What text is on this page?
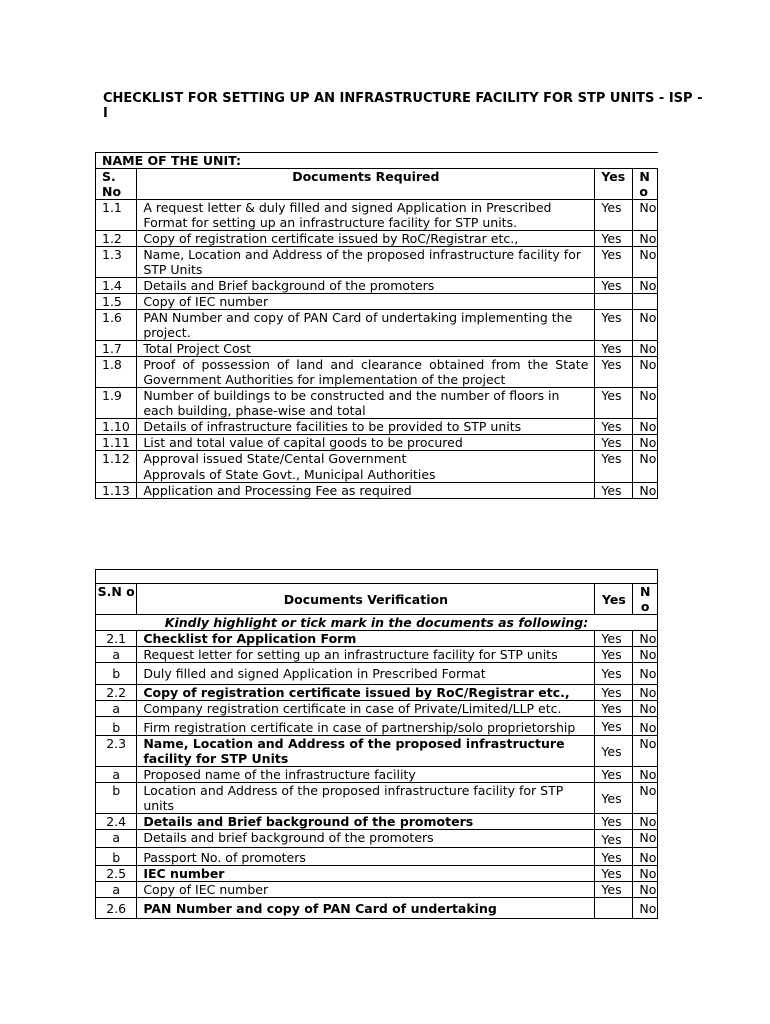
CHECKLIST FOR SETTING UP AN INFRASTRUCTURE FACILITY FOR STP UNITS - ISP - I
NAME OF THE UNIT:			
S. No	Documents Required	Yes	N o
1.1	A request letter & duly filled and signed Application in Prescribed Format for setting up an infrastructure facility for STP units.	Yes	No
1.2	Copy of registration certificate issued by RoC/Registrar etc.,	Yes	No
1.3	Name, Location and Address of the proposed infrastructure facility for STP Units	Yes	No
1.4	Details and Brief background of the promoters	Yes	No
1.5	Copy of IEC number		
1.6	PAN Number and copy of PAN Card of undertaking implementing the project.	Yes	No
1.7	Total Project Cost	Yes	No
1.8	Proof of possession of land and clearance obtained from the State Government Authorities for implementation of the project	Yes	No
1.9	Number of buildings to be constructed and the number of floors in each building, phase-wise and total	Yes	No
1.10	Details of infrastructure facilities to be provided to STP units	Yes	No
1.11	List and total value of capital goods to be procured	Yes	No
1.12	Approval issued State/Cental Government
Approvals of State Govt., Municipal Authorities	Yes	No
1.13	Application and Processing Fee as required	Yes	No

S.N o	Documents Verification	Yes	N o
Kindly highlight or tick mark in the documents as following:			
2.1	Checklist for Application Form	Yes	No
a	Request letter for setting up an infrastructure facility for STP units	Yes	No
b	Duly filled and signed Application in Prescribed Format	Yes	No
2.2	Copy of registration certificate issued by RoC/Registrar etc.,	Yes	No
a	Company registration certificate in case of Private/Limited/LLP etc.	Yes	No
b	Firm registration certificate in case of partnership/solo proprietorship	Yes	No
2.3	Name, Location and Address of the proposed infrastructure facility for STP Units	Yes	No
a	Proposed name of the infrastructure facility	Yes	No
b	Location and Address of the proposed infrastructure facility for STP units	Yes	No
2.4	Details and Brief background of the promoters	Yes	No
a	Details and brief background of the promoters	Yes	No
b	Passport No. of promoters	Yes	No
2.5	IEC number	Yes	No
a	Copy of IEC number	Yes	No
2.6	PAN Number and copy of PAN Card of undertaking		No
